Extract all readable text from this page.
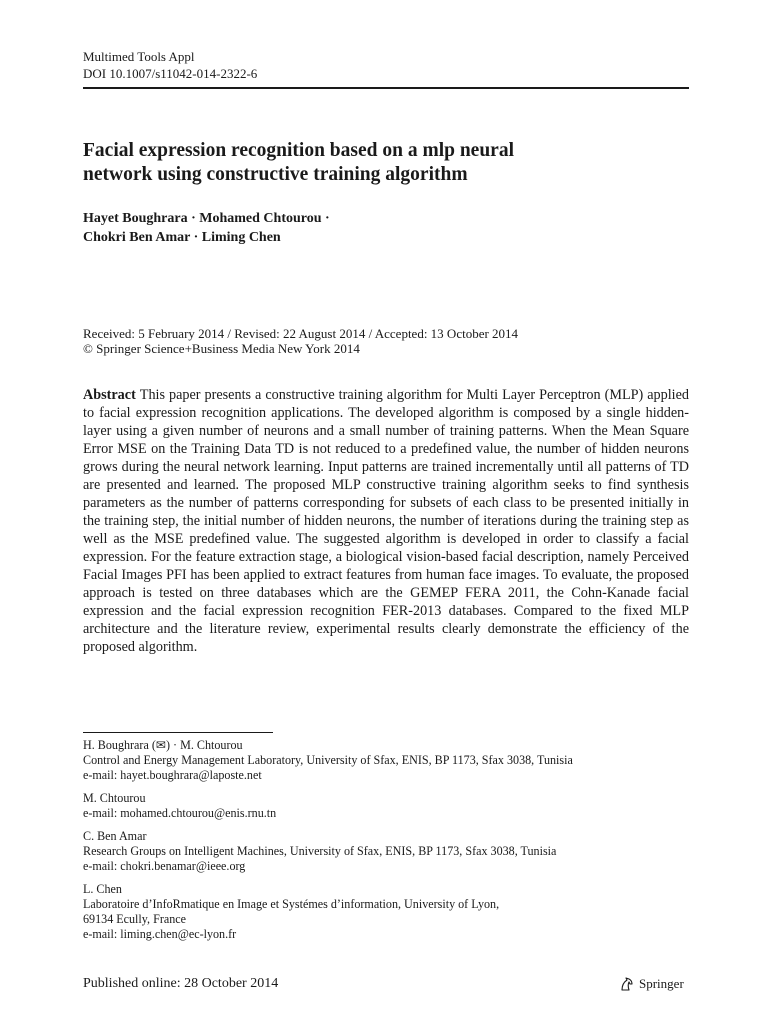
Multimed Tools Appl
DOI 10.1007/s11042-014-2322-6
Facial expression recognition based on a mlp neural
network using constructive training algorithm
Hayet Boughrara · Mohamed Chtourou ·
Chokri Ben Amar · Liming Chen
Received: 5 February 2014 / Revised: 22 August 2014 / Accepted: 13 October 2014
© Springer Science+Business Media New York 2014
Abstract This paper presents a constructive training algorithm for Multi Layer Perceptron (MLP) applied to facial expression recognition applications. The developed algorithm is composed by a single hidden-layer using a given number of neurons and a small number of training patterns. When the Mean Square Error MSE on the Training Data TD is not reduced to a predefined value, the number of hidden neurons grows during the neural network learning. Input patterns are trained incrementally until all patterns of TD are presented and learned. The proposed MLP constructive training algorithm seeks to find synthesis parameters as the number of patterns corresponding for subsets of each class to be presented initially in the training step, the initial number of hidden neurons, the number of iterations during the training step as well as the MSE predefined value. The suggested algorithm is developed in order to classify a facial expression. For the feature extraction stage, a biological vision-based facial description, namely Perceived Facial Images PFI has been applied to extract features from human face images. To evaluate, the proposed approach is tested on three databases which are the GEMEP FERA 2011, the Cohn-Kanade facial expression and the facial expression recognition FER-2013 databases. Compared to the fixed MLP architecture and the literature review, experimental results clearly demonstrate the efficiency of the proposed algorithm.
H. Boughrara (✉) · M. Chtourou
Control and Energy Management Laboratory, University of Sfax, ENIS, BP 1173, Sfax 3038, Tunisia
e-mail: hayet.boughrara@laposte.net
M. Chtourou
e-mail: mohamed.chtourou@enis.rnu.tn
C. Ben Amar
Research Groups on Intelligent Machines, University of Sfax, ENIS, BP 1173, Sfax 3038, Tunisia
e-mail: chokri.benamar@ieee.org
L. Chen
Laboratoire d’InfoRmatique en Image et Systémes d’information, University of Lyon,
69134 Ecully, France
e-mail: liming.chen@ec-lyon.fr
Published online: 28 October 2014	Springer
